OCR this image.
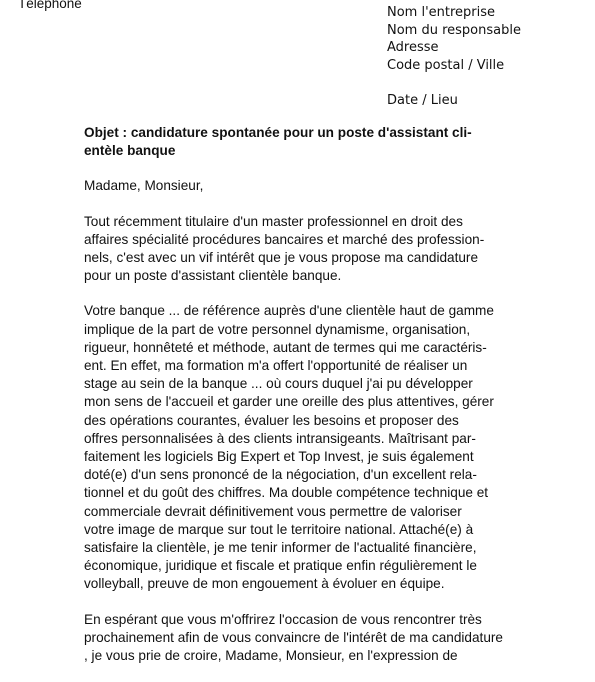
Téléphone
Nom l'entreprise
Nom du responsable
Adresse
Code postal / Ville
Date / Lieu
Objet : candidature spontanée pour un poste d'assistant cli-
entèle banque
Madame, Monsieur,
Tout récemment titulaire d'un master professionnel en droit des
affaires spécialité procédures bancaires et marché des profession-
nels, c'est avec un vif intérêt que je vous propose ma candidature
pour un poste d'assistant clientèle banque.
Votre banque ... de référence auprès d'une clientèle haut de gamme
implique de la part de votre personnel dynamisme, organisation,
rigueur, honnêteté et méthode, autant de termes qui me caractéris-
ent. En effet, ma formation m'a offert l'opportunité de réaliser un
stage au sein de la banque ... où cours duquel j'ai pu développer
mon sens de l'accueil et garder une oreille des plus attentives, gérer
des opérations courantes, évaluer les besoins et proposer des
offres personnalisées à des clients intransigeants. Maîtrisant par-
faitement les logiciels Big Expert et Top Invest, je suis également
doté(e) d'un sens prononcé de la négociation, d'un excellent rela-
tionnel et du goût des chiffres. Ma double compétence technique et
commerciale devrait définitivement vous permettre de valoriser
votre image de marque sur tout le territoire national. Attaché(e) à
satisfaire la clientèle, je me tenir informer de l'actualité financière,
économique, juridique et fiscale et pratique enfin régulièrement le
volleyball, preuve de mon engouement à évoluer en équipe.
En espérant que vous m'offrirez l'occasion de vous rencontrer très
prochainement afin de vous convaincre de l'intérêt de ma candidature
, je vous prie de croire, Madame, Monsieur, en l'expression de
